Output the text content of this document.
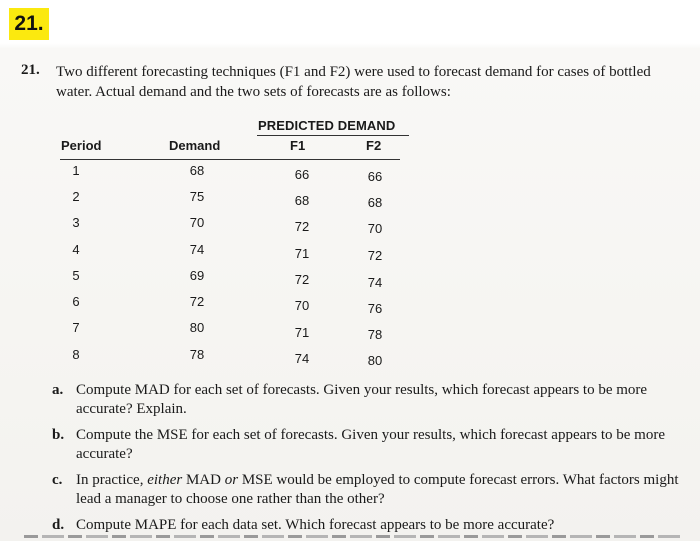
21.
21. Two different forecasting techniques (F1 and F2) were used to forecast demand for cases of bottled water. Actual demand and the two sets of forecasts are as follows:
PREDICTED DEMAND
Period	Demand	F1	F2
1	68	66	66
2	75	68	68
3	70	72	70
4	74	71	72
5	69	72	74
6	72	70	76
7	80	71	78
8	78	74	80
a. Compute MAD for each set of forecasts. Given your results, which forecast appears to be more accurate? Explain.
b. Compute the MSE for each set of forecasts. Given your results, which forecast appears to be more accurate?
c. In practice, either MAD or MSE would be employed to compute forecast errors. What factors might lead a manager to choose one rather than the other?
d. Compute MAPE for each data set. Which forecast appears to be more accurate?
